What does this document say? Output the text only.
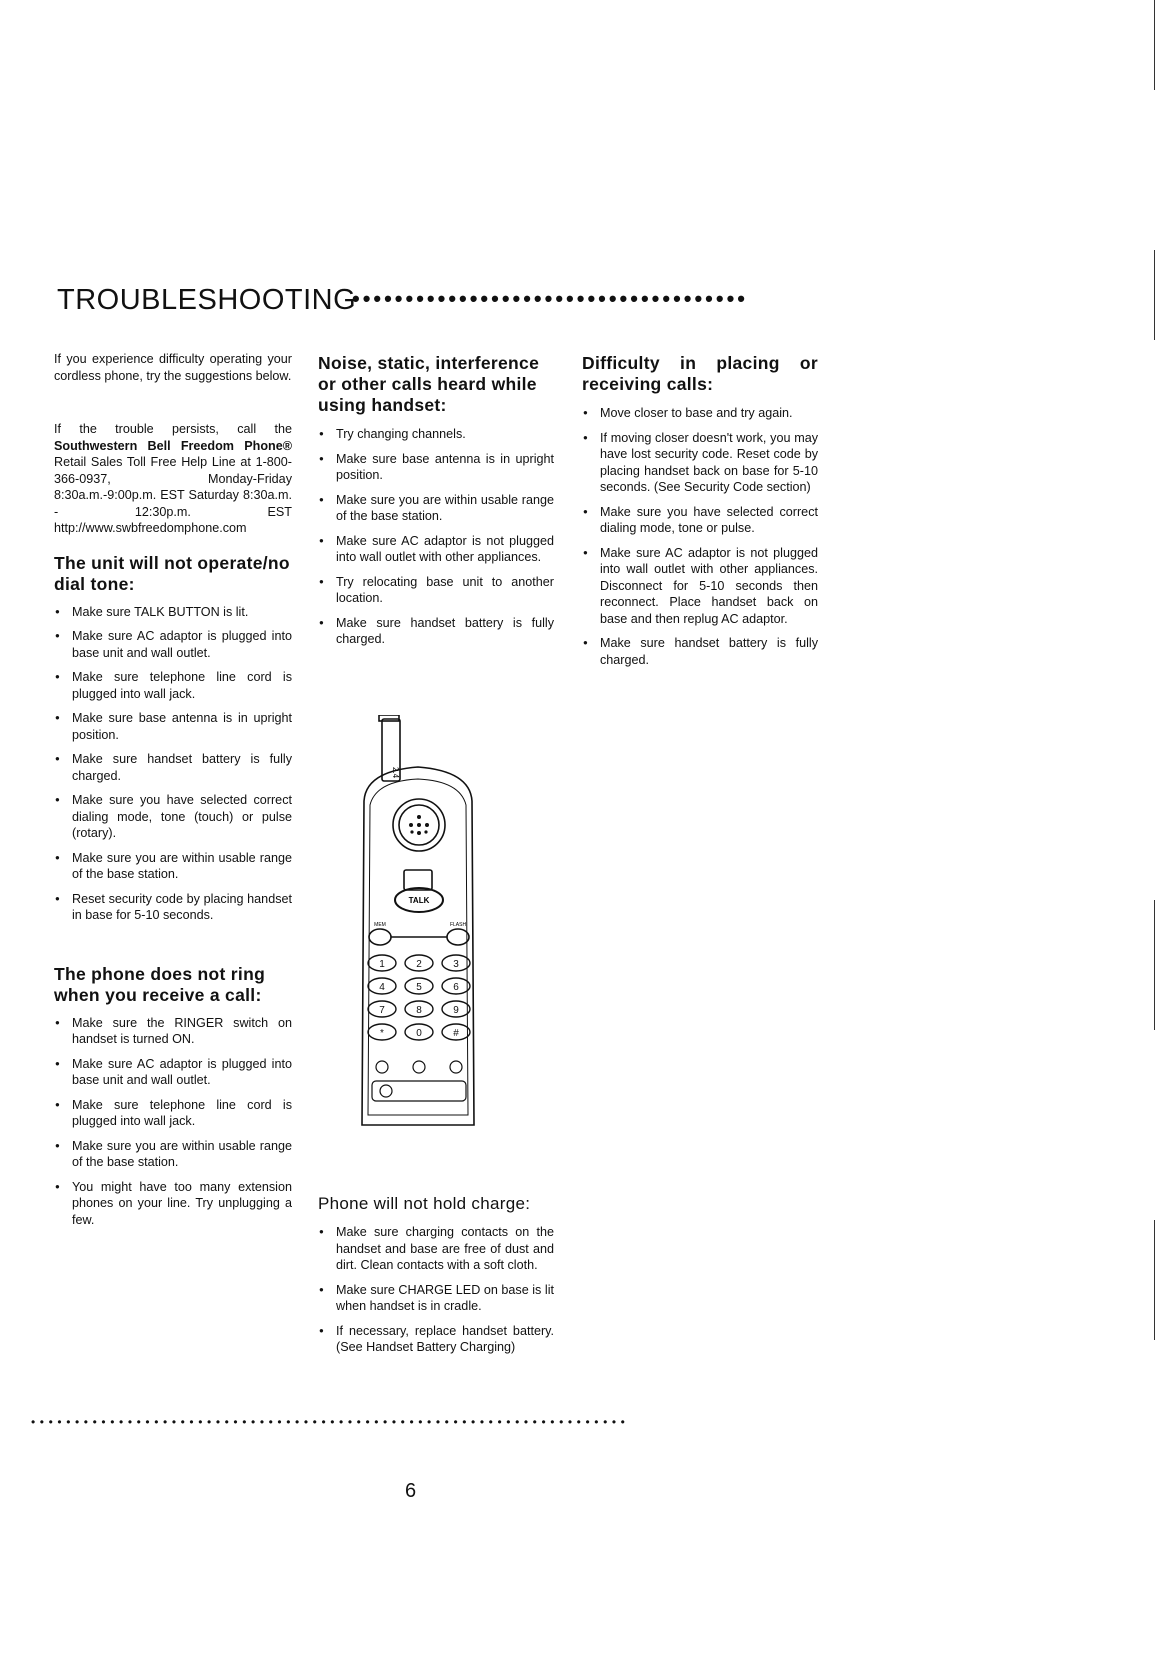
TROUBLESHOOTING
•••••••••••••••••••••••••••••••••••••

If you experience difficulty operating your cordless phone, try the suggestions below.

If the trouble persists, call the Southwestern Bell Freedom Phone® Retail Sales Toll Free Help Line at 1-800-366-0937, Monday-Friday 8:30a.m.-9:00p.m. EST Saturday 8:30a.m. - 12:30p.m. EST http://www.swbfreedomphone.com

The unit will not operate/no dial tone:
● Make sure TALK BUTTON is lit.
● Make sure AC adaptor is plugged into base unit and wall outlet.
● Make sure telephone line cord is plugged into wall jack.
● Make sure base antenna is in upright position.
● Make sure handset battery is fully charged.
● Make sure you have selected correct dialing mode, tone (touch) or pulse (rotary).
● Make sure you are within usable range of the base station.
● Reset security code by placing handset in base for 5-10 seconds.
The phone does not ring when you receive a call:
● Make sure the RINGER switch on handset is turned ON.
● Make sure AC adaptor is plugged into base unit and wall outlet.
● Make sure telephone line cord is plugged into wall jack.
● Make sure you are within usable range of the base station.
● You might have too many extension phones on your line. Try unplugging a few.
Noise, static, interference or other calls heard while using handset:
● Try changing channels.
● Make sure base antenna is in upright position.
● Make sure you are within usable range of the base station.
● Make sure AC adaptor is not plugged into wall outlet with other appliances.
● Try relocating base unit to another location.
● Make sure handset battery is fully charged.
2.4
TALK
MEM	FLASH
1	2	3
4	5	6
7	8	9
*	0	#
Phone will not hold charge:
● Make sure charging contacts on the handset and base are free of dust and dirt. Clean contacts with a soft cloth.
● Make sure CHARGE LED on base is lit when handset is in cradle.
● If necessary, replace handset battery. (See Handset Battery Charging)
Difficulty in placing or receiving calls:
● Move closer to base and try again.
● If moving closer doesn't work, you may have lost security code. Reset code by placing handset back on base for 5-10 seconds. (See Security Code section)
● Make sure you have selected correct dialing mode, tone or pulse.
● Make sure AC adaptor is not plugged into wall outlet with other appliances. Disconnect for 5-10 seconds then reconnect. Place handset back on base and then replug AC adaptor.
● Make sure handset battery is fully charged.
••••••••••••••••••••••••••••••••••••••••••••••••••••••••••••••••••••
6
